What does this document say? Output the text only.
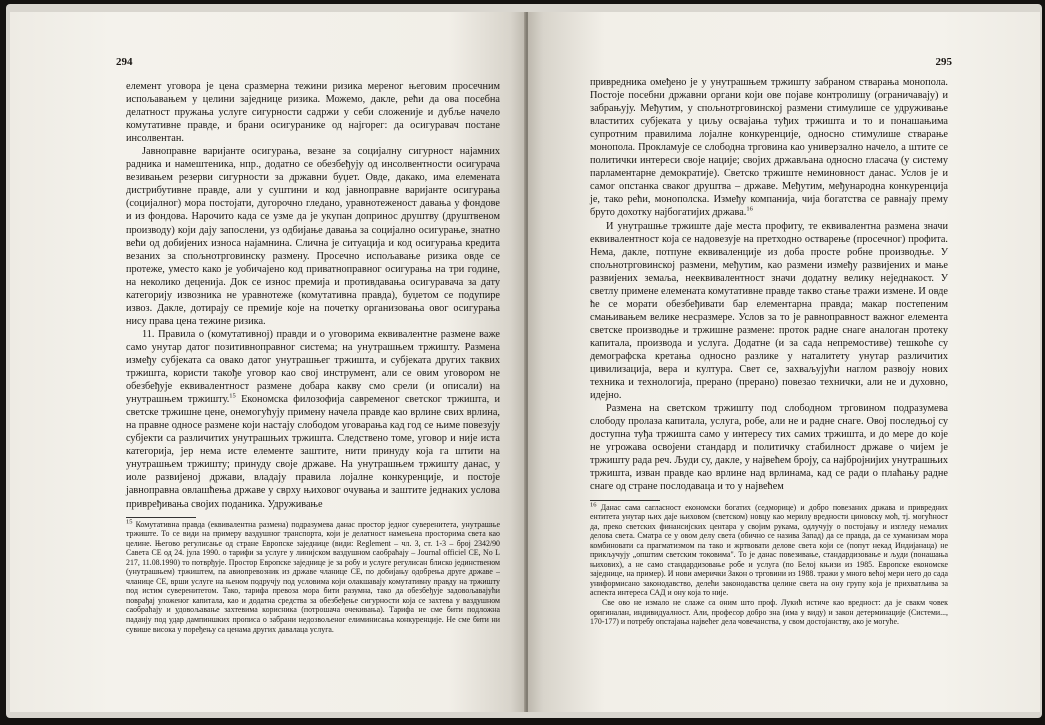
294

елемент уговора је цена сразмерна тежини ризика мереног његовим просечним испољавањем у целини заједнице ризика. Можемо, дакле, рећи да ова посебна делатност пружања услуге сигурности садржи у себи сложеније и дубље начело комутативне правде, и брани осигуранике од најгорег: да осигуравач постане инсолвентан.

Јавноправне варијанте осигурања, везане за социјалну сигурност најамних радника и намештеника, нпр., додатно се обезбеђују од инсолвентности осигурача везивањем резерви сигурности за државни буџет. Овде, дакако, има елемената дистрибутивне правде, али у суштини и код јавноправне варијанте осигурања (социјалног) мора постојати, дугорочно гледано, уравнотеженост давања у фондове и из фондова. Нарочито када се узме да је укупан допринос друштву (друштвеном производу) који дају запослени, уз одбијање давања за социјално осигурање, знатно већи од добијених износа најамнина. Слична је ситуација и код осигурања кредита везаних за спољнотрговинску размену. Просечно испољавање ризика овде се протеже, уместо како је уобичајено код приватноправног осигурања на три године, на неколико деценија. Док се износ премија и противдавања осигуравача за дату категорију извозника не уравнотеже (комутативна правда), буџетом се подупире извоз. Дакле, дотирају се премије које на почетку организовања овог осигурања нису права цена тежине ризика.

11. Правила о (комутативној) правди и о уговорима еквивалентне размене важе само унутар датог позитивноправног система; на унутрашњем тржишту. Размена између субјеката са овако датог унутрашњег тржишта, и субјеката других таквих тржишта, користи такође уговор као свој инструмент, али се овим уговором не обезбеђује еквивалентност размене добара какву смо срели (и описали) на унутрашњем тржишту.$^{15}$ Економска филозофија савременог светског тржишта, и светске тржишне цене, онемогућују примену начела правде као врлине свих врлина, на правне односе размене који настају слободом уговарања кад год се њиме повезују субјекти са различитих унутрашњих тржишта. Следствено томе, уговор и није иста категорија, јер нема исте елементе заштите, нити принуду која га штити на унутрашњем тржишту; принуду своје државе. На унутрашњем тржишту данас, у иоле развијеној држави, владају правила лојалне конкуренције, и постоје јавноправна овлашћења државе у сврху њиховог очувања и заштите једнаких услова привређивања својих поданика. Удруживање

$^{15}$ Комутативна правда (еквивалентна размена) подразумева данас простор једног суверенитета, унутрашње тржиште. То се види на примеру ваздушног транспорта, који је делатност намењена просторима света као целине. Његово регулисање од стране Европске заједнице (види: Reglement – чл. 3, ст. 1-3 – број 2342/90 Савета СЕ од 24. јула 1990. о тарифи за услуге у линијском ваздушном саобраћају – Journal officiel CE, No L 217, 11.08.1990) то потврђује. Простор Европске заједнице је за робу и услуге регулисан блиско јединственом (унутрашњем) тржиштем, па авиопревозник из државе чланице СЕ, по добијању одобрења друге државе – чланице СЕ, врши услуге на њеном подручју под условима који олакшавају комутативну правду на тржишту под истим суверенитетом. Тако, тарифа превоза мора бити разумна, тако да обезбеђује задовољавајући поврађај уложеног капитала, као и додатна средства за обезбеђење сигурности која се захтева у ваздушном саобраћају и удовољавање захтевима корисника (потрошача очекивања). Тарифа не сме бити подложна паданју под удар дампиншких прописа о забрани недозвољеног елиминисања конкуренције. Не сме бити ни сувише висока у поређењу са ценама других давалаца услуга.

295

привредника омеђено је у унутрашњем тржишту забраном стварања монопола. Постоје посебни државни органи који ове појаве контролишу (ограничавају) и забрањују. Међутим, у спољнотрговинској размени стимулише се удруживање властитих субјеката у циљу освајања туђих тржишта и то и понашањима супротним правилима лојалне конкуренције, односно стимулише стварање монопола. Прокламује се слободна трговина као универзално начело, а штите се политички интереси своје нације; својих држављана односно гласача (у систему парламентарне демократије). Светско тржиште неминовност данас. Услов је и самог опстанка сваког друштва – државе. Међутим, међународна конкуренција је, тако рећи, монополска. Између компанија, чија богатства се равнају прему бруто дохотку најбогатијих држава.$^{16}$

И унутрашње тржиште даје места профиту, те еквивалентна размена значи еквивалентност која се надовезује на претходно остварење (просечног) профита. Нема, дакле, потпуне еквиваленције из доба просте робне производње. У спољнотрговинској размени, међутим, као размени између развијених и мање развијених земаља, нееквивалентност значи додатну велику неједнакост. У светлу примене елемената комутативне правде такво стање тражи измене. И овде ће се морати обезбеђивати бар елементарна правда; макар постепеним смањивањем велике несразмере. Услов за то је равноправност важног елемента светске производње и тржишне размене: проток радне снаге аналоган протеку капитала, производа и услуга. Додатне (и за сада непремостиве) тешкоће су демографска кретања односно разлике у наталитету унутар различитих цивилизација, вера и култура. Свет се, захваљујући наглом развоју нових техника и технологија, прерано (прерано) повезао технички, али не и духовно, идејно.

Размена на светском тржишту под слободном трговином подразумева слободу пролаза капитала, услуга, робе, али не и радне снаге. Овој последњој су доступна туђа тржишта само у интересу тих самих тржишта, и до мере до које не угрожава освојени стандард и политичку стабилност државе о чијем је тржишту рада реч. Људи су, дакле, у највећем броју, са најбројнијих унутрашњих тржишта, изван правде као врлине над врлинама, кад се ради о плаћању радне снаге од стране послодаваца и то у највећем

$^{16}$ Данас сама сагласност економски богатих (седморице) и добро повезаних држава и привредних ентитета унутар њих даје њиховом (светском) новцу као мерилу вредности циновску моћ, тј. могућност да, преко светских финансијских центара у својим рукама, одлучују о постојању и изгледу немалих делова света. Сматра се у овом делу света (обично се назива Запад) да се правда, да се хуманизам мора комбиновати са прагматизмом па тако и жртвовати делове света који се (попут некад Индијанаца) не прикључују „општим светским токовима". То је данас повезивање, стандардизовање и људи (понашања њихових), а не само стандардизовање робе и услуга (по Белој књизи из 1985. Европске економске заједнице, на пример). И нови амерички Закон о трговини из 1988. тражи у много већој мери него до сада униформисано законодавство, делећи законодавства целине света на ону групу која је прихватљива за аспекта интереса САД и ону која то није.

Све ово не измало не слаже са оним што проф. Лукић истиче као вредност: да је свакм човек оригиналан, индивидуалност. Али, професор добро зна (има у виду) и закон детерминације (Системи..., 170-177) и потребу опстајања највећег дела човечанства, у свом достојанству, ако је могуће.
